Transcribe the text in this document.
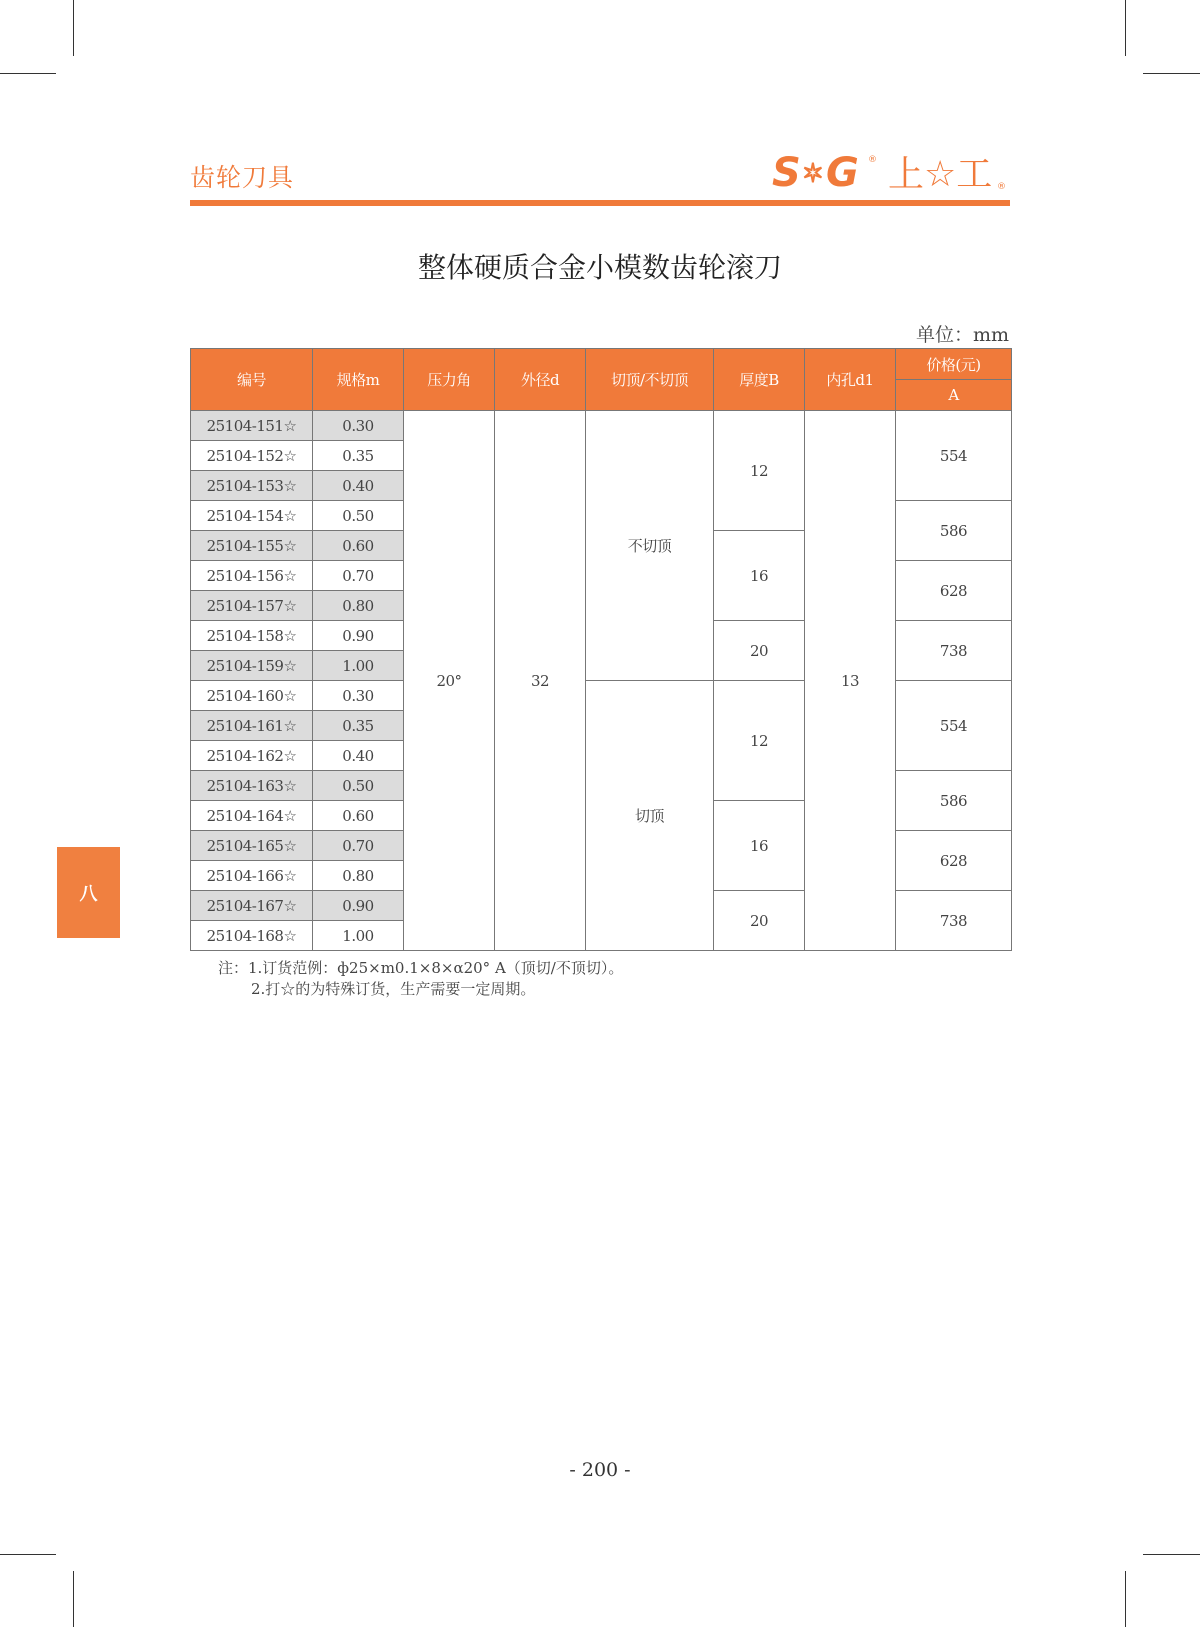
齿轮刀具	S ✶ G ® 上☆工 ®
整体硬质合金小模数齿轮滚刀
单位：mm
编号	规格m	压力角	外径d	切顶/不切顶	厚度B	内孔d1	价格(元)
							A
25104-151☆	0.30	20°	32	不切顶	12	13	554
25104-152☆	0.35						
25104-153☆	0.40						
25104-154☆	0.50						586
25104-155☆	0.60				16		
25104-156☆	0.70						628
25104-157☆	0.80						
25104-158☆	0.90				20		738
25104-159☆	1.00						
25104-160☆	0.30			切顶	12		554
25104-161☆	0.35						
25104-162☆	0.40						
25104-163☆	0.50						586
25104-164☆	0.60				16		
25104-165☆	0.70						628
25104-166☆	0.80						
25104-167☆	0.90				20		738
25104-168☆	1.00						
注：1.订货范例：ф25×m0.1×8×α20° A（顶切/不顶切）。
2.打☆的为特殊订货，生产需要一定周期。
八
- 200 -
